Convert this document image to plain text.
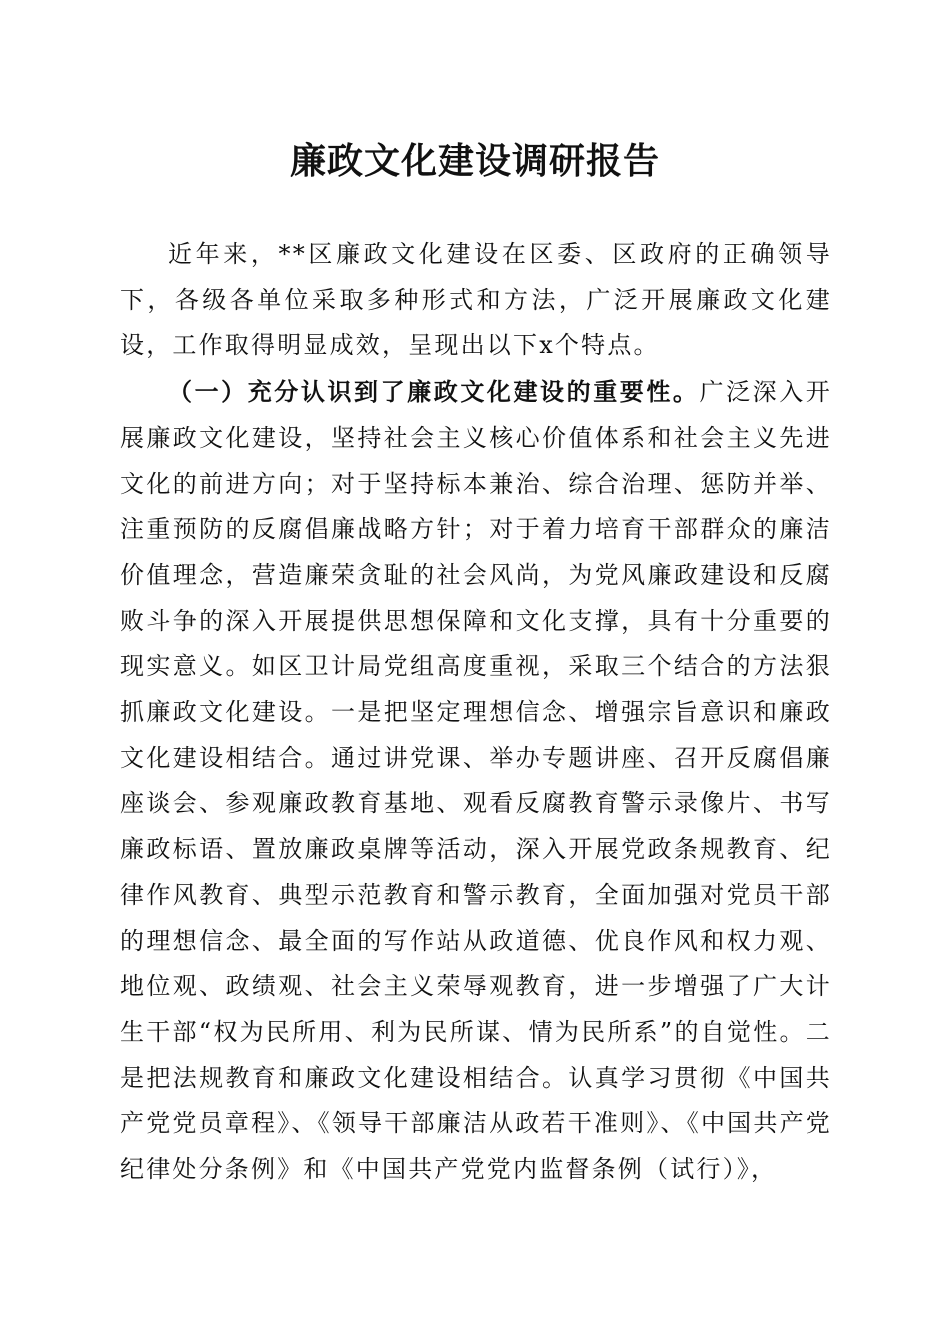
廉政文化建设调研报告

近年来，**区廉政文化建设在区委、区政府的正确领导下，各级各单位采取多种形式和方法，广泛开展廉政文化建设，工作取得明显成效，呈现出以下x个特点。

（一）充分认识到了廉政文化建设的重要性。广泛深入开展廉政文化建设，坚持社会主义核心价值体系和社会主义先进文化的前进方向；对于坚持标本兼治、综合治理、惩防并举、注重预防的反腐倡廉战略方针；对于着力培育干部群众的廉洁价值理念，营造廉荣贪耻的社会风尚，为党风廉政建设和反腐败斗争的深入开展提供思想保障和文化支撑，具有十分重要的现实意义。如区卫计局党组高度重视，采取三个结合的方法狠抓廉政文化建设。一是把坚定理想信念、增强宗旨意识和廉政文化建设相结合。通过讲党课、举办专题讲座、召开反腐倡廉座谈会、参观廉政教育基地、观看反腐教育警示录像片、书写廉政标语、置放廉政桌牌等活动，深入开展党政条规教育、纪律作风教育、典型示范教育和警示教育，全面加强对党员干部的理想信念、最全面的写作站从政道德、优良作风和权力观、地位观、政绩观、社会主义荣辱观教育，进一步增强了广大计生干部“权为民所用、利为民所谋、情为民所系”的自觉性。二是把法规教育和廉政文化建设相结合。认真学习贯彻《中国共产党党员章程》、《领导干部廉洁从政若干准则》、《中国共产党纪律处分条例》和《中国共产党党内监督条例（试行）》，
